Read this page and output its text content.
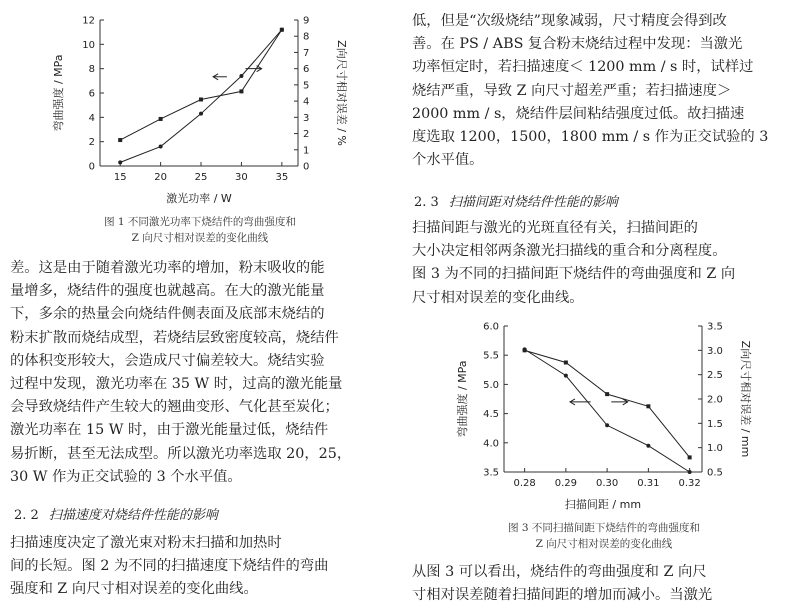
15	20	25	30	35
0
2
4
6
8
10
12
0
1
2
3
4
5
6
7
8
9
激光功率 / W
弯曲强度 / MPa	Z向尺寸相对误差 / %
图 1 不同激光功率下烧结件的弯曲强度和
Z 向尺寸相对误差的变化曲线

差。这是由于随着激光功率的增加，粉末吸收的能
量增多，烧结件的强度也就越高。在大的激光能量
下，多余的热量会向烧结件侧表面及底部末烧结的
粉末扩散而烧结成型，若烧结层致密度较高，烧结件
的体积变形较大，会造成尺寸偏差较大。烧结实验
过程中发现，激光功率在 35 W 时，过高的激光能量
会导致烧结件产生较大的翘曲变形、气化甚至炭化；
激光功率在 15 W 时，由于激光能量过低，烧结件
易折断，甚至无法成型。所以激光功率选取 20，25，
30 W 作为正交试验的 3 个水平值。

2. 2 扫描速度对烧结件性能的影响

扫描速度决定了激光束对粉末扫描和加热时
间的长短。图 2 为不同的扫描速度下烧结件的弯曲
强度和 Z 向尺寸相对误差的变化曲线。

低，但是“次级烧结”现象减弱，尺寸精度会得到改
善。在 PS / ABS 复合粉末烧结过程中发现：当激光
功率恒定时，若扫描速度＜ 1200 mm / s 时，试样过
烧结严重，导致 Z 向尺寸超差严重；若扫描速度＞
2000 mm / s，烧结件层间粘结强度过低。故扫描速
度选取 1200，1500，1800 mm / s 作为正交试验的 3
个水平值。

2. 3 扫描间距对烧结件性能的影响

扫描间距与激光的光斑直径有关，扫描间距的
大小决定相邻两条激光扫描线的重合和分离程度。
图 3 为不同的扫描间距下烧结件的弯曲强度和 Z 向
尺寸相对误差的变化曲线。

0.28 0.29 0.30 0.31 0.32
3.5
4.0
4.5
5.0
5.5
6.0
0.5
1.0
1.5
2.0
2.5
3.0
3.5
扫描间距 / mm
弯曲强度 / MPa	Z向尺寸相对误差 / mm
图 3 不同扫描间距下烧结件的弯曲强度和
Z 向尺寸相对误差的变化曲线

从图 3 可以看出，烧结件的弯曲强度和 Z 向尺
寸相对误差随着扫描间距的增加而减小。当激光
